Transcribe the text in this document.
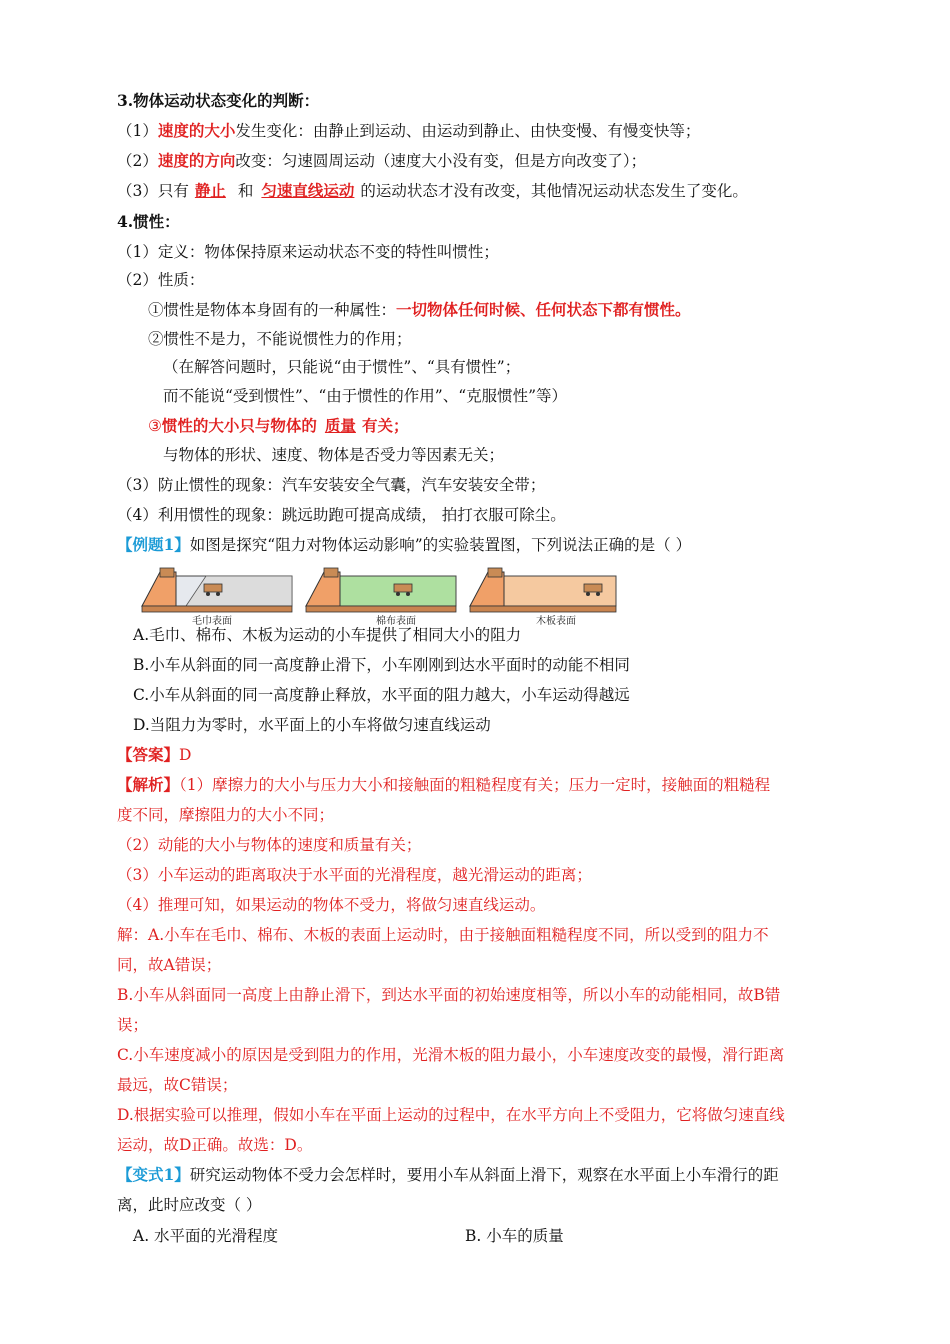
3.物体运动状态变化的判断：
（1）速度的大小发生变化：由静止到运动、由运动到静止、由快变慢、有慢变快等；
（2）速度的方向改变：匀速圆周运动（速度大小没有变，但是方向改变了）；
（3）只有 静止 和 匀速直线运动 的运动状态才没有改变，其他情况运动状态发生了变化。
4.惯性：
（1）定义：物体保持原来运动状态不变的特性叫惯性；
（2）性质：
①惯性是物体本身固有的一种属性：一切物体任何时候、任何状态下都有惯性。
②惯性不是力，不能说惯性力的作用；
（在解答问题时，只能说“由于惯性”、“具有惯性”；
而不能说“受到惯性”、“由于惯性的作用”、“克服惯性”等）
③惯性的大小只与物体的 质量 有关；
与物体的形状、速度、物体是否受力等因素无关；
（3）防止惯性的现象：汽车安装安全气囊，汽车安装安全带；
（4）利用惯性的现象：跳远助跑可提高成绩， 拍打衣服可除尘。
【例题1】如图是探究“阻力对物体运动影响”的实验装置图，下列说法正确的是（ ）
毛巾表面	棉布表面	木板表面
A.毛巾、棉布、木板为运动的小车提供了相同大小的阻力
B.小车从斜面的同一高度静止滑下，小车刚刚到达水平面时的动能不相同
C.小车从斜面的同一高度静止释放，水平面的阻力越大，小车运动得越远
D.当阻力为零时，水平面上的小车将做匀速直线运动
【答案】D
【解析】（1）摩擦力的大小与压力大小和接触面的粗糙程度有关；压力一定时，接触面的粗糙程
度不同，摩擦阻力的大小不同；
（2）动能的大小与物体的速度和质量有关；
（3）小车运动的距离取决于水平面的光滑程度，越光滑运动的距离；
（4）推理可知，如果运动的物体不受力，将做匀速直线运动。
解：A.小车在毛巾、棉布、木板的表面上运动时，由于接触面粗糙程度不同，所以受到的阻力不
同，故A错误；
B.小车从斜面同一高度上由静止滑下，到达水平面的初始速度相等，所以小车的动能相同，故B错
误；
C.小车速度减小的原因是受到阻力的作用，光滑木板的阻力最小，小车速度改变的最慢，滑行距离
最远，故C错误；
D.根据实验可以推理，假如小车在平面上运动的过程中，在水平方向上不受阻力，它将做匀速直线
运动，故D正确。故选：D。
【变式1】研究运动物体不受力会怎样时，要用小车从斜面上滑下，观察在水平面上小车滑行的距
离，此时应改变（ ）
A. 水平面的光滑程度	B. 小车的质量
